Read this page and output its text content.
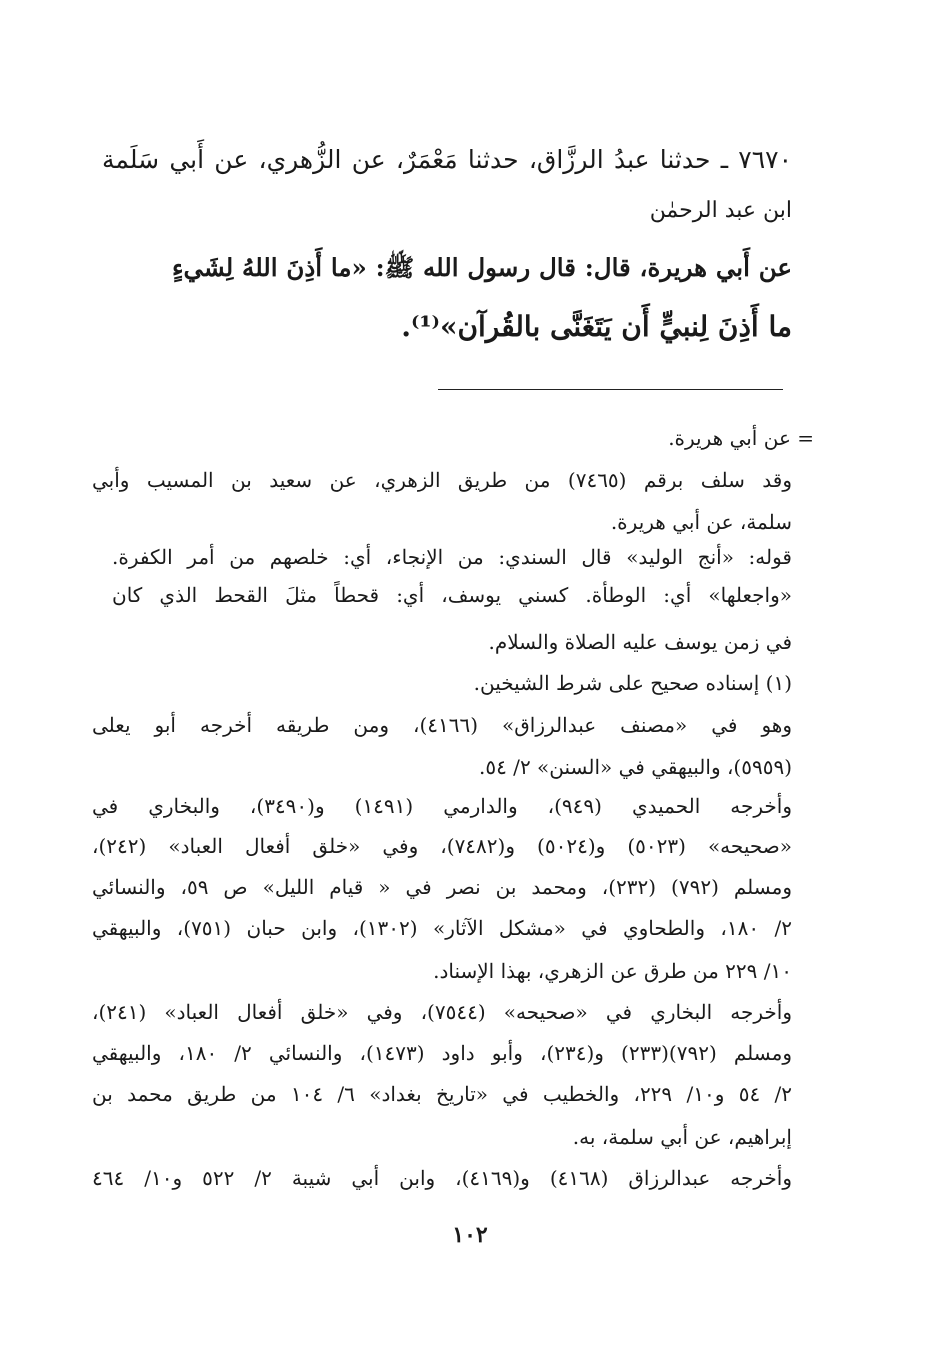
٧٦٧٠ ـ حدثنا عبدُ الرزَّاق، حدثنا مَعْمَرٌ، عن الزُّهري، عن أَبي سَلَمة
ابن عبد الرحمٰن
عن أَبي هريرة، قال: قال رسول الله ﷺ: «ما أَذِنَ اللهُ لِشَيءٍ
ما أَذِنَ لِنبيٍّ أَن يَتَغَنَّى بالقُرآن»⁽¹⁾.
= عن أبي هريرة.
وقد سلف برقم (٧٤٦٥) من طريق الزهري، عن سعيد بن المسيب وأبي
سلمة، عن أبي هريرة.
قوله: «أنج الوليد» قال السندي: من الإنجاء، أي: خلصهم من أمر الكفرة.
«واجعلها» أي: الوطأة. كسني يوسف، أي: قحطاً مثلَ القحط الذي كان
في زمن يوسف عليه الصلاة والسلام.
(١) إسناده صحيح على شرط الشيخين.
وهو في «مصنف عبدالرزاق» (٤١٦٦)، ومن طريقه أخرجه أبو يعلى
(٥٩٥٩)، والبيهقي في «السنن» ٢/ ٥٤.
وأخرجه الحميدي (٩٤٩)، والدارمي (١٤٩١) و(٣٤٩٠)، والبخاري في
«صحيحه» (٥٠٢٣) و(٥٠٢٤) و(٧٤٨٢)، وفي «خلق أفعال العباد» (٢٤٢)،
ومسلم (٧٩٢) (٢٣٢)، ومحمد بن نصر في « قيام الليل» ص ٥٩، والنسائي
٢/ ١٨٠، والطحاوي في «مشكل الآثار» (١٣٠٢)، وابن حبان (٧٥١)، والبيهقي
١٠/ ٢٢٩ من طرق عن الزهري، بهذا الإسناد.
وأخرجه البخاري في «صحيحه» (٧٥٤٤)، وفي «خلق أفعال العباد» (٢٤١)،
ومسلم (٧٩٢)(٢٣٣) و(٢٣٤)، وأبو داود (١٤٧٣)، والنسائي ٢/ ١٨٠، والبيهقي
٢/ ٥٤ و١٠/ ٢٢٩، والخطيب في «تاريخ بغداد» ٦/ ١٠٤ من طريق محمد بن
إبراهيم، عن أبي سلمة، به.
وأخرجه عبدالرزاق (٤١٦٨) و(٤١٦٩)، وابن أبي شيبة ٢/ ٥٢٢ و١٠/ ٤٦٤
١٠٢
